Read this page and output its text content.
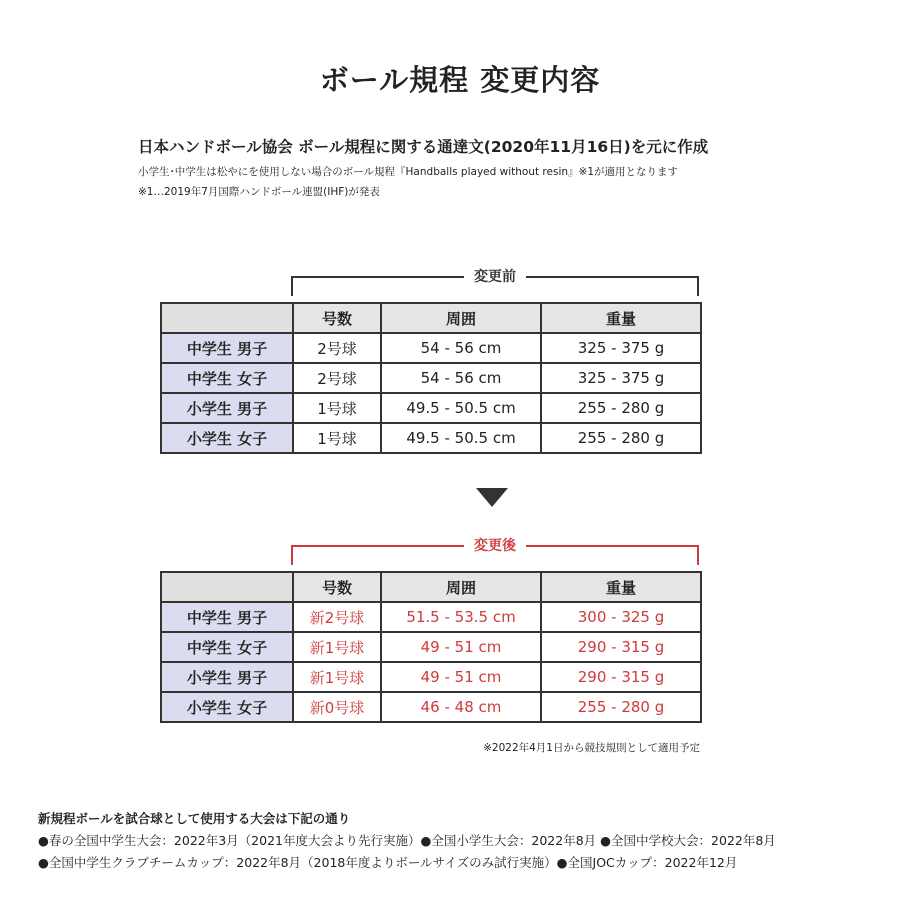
ボール規程 変更内容
日本ハンドボール協会 ボール規程に関する通達文(2020年11月16日)を元に作成
小学生･中学生は松やにを使用しない場合のボール規程『Handballs played without resin』※1が適用となります
※1…2019年7月国際ハンドボール連盟(IHF)が発表
変更前
	号数	周囲	重量
中学生 男子	2号球	54 - 56 cm	325 - 375 g
中学生 女子	2号球	54 - 56 cm	325 - 375 g
小学生 男子	1号球	49.5 - 50.5 cm	255 - 280 g
小学生 女子	1号球	49.5 - 50.5 cm	255 - 280 g
変更後
	号数	周囲	重量
中学生 男子	新2号球	51.5 - 53.5 cm	300 - 325 g
中学生 女子	新1号球	49 - 51 cm	290 - 315 g
小学生 男子	新1号球	49 - 51 cm	290 - 315 g
小学生 女子	新0号球	46 - 48 cm	255 - 280 g
※2022年4月1日から競技規則として適用予定
新規程ボールを試合球として使用する大会は下記の通り
●春の全国中学生大会：2022年3月（2021年度大会より先行実施）●全国小学生大会：2022年8月 ●全国中学校大会：2022年8月
●全国中学生クラブチームカップ：2022年8月（2018年度よりボールサイズのみ試行実施）●全国JOCカップ：2022年12月
